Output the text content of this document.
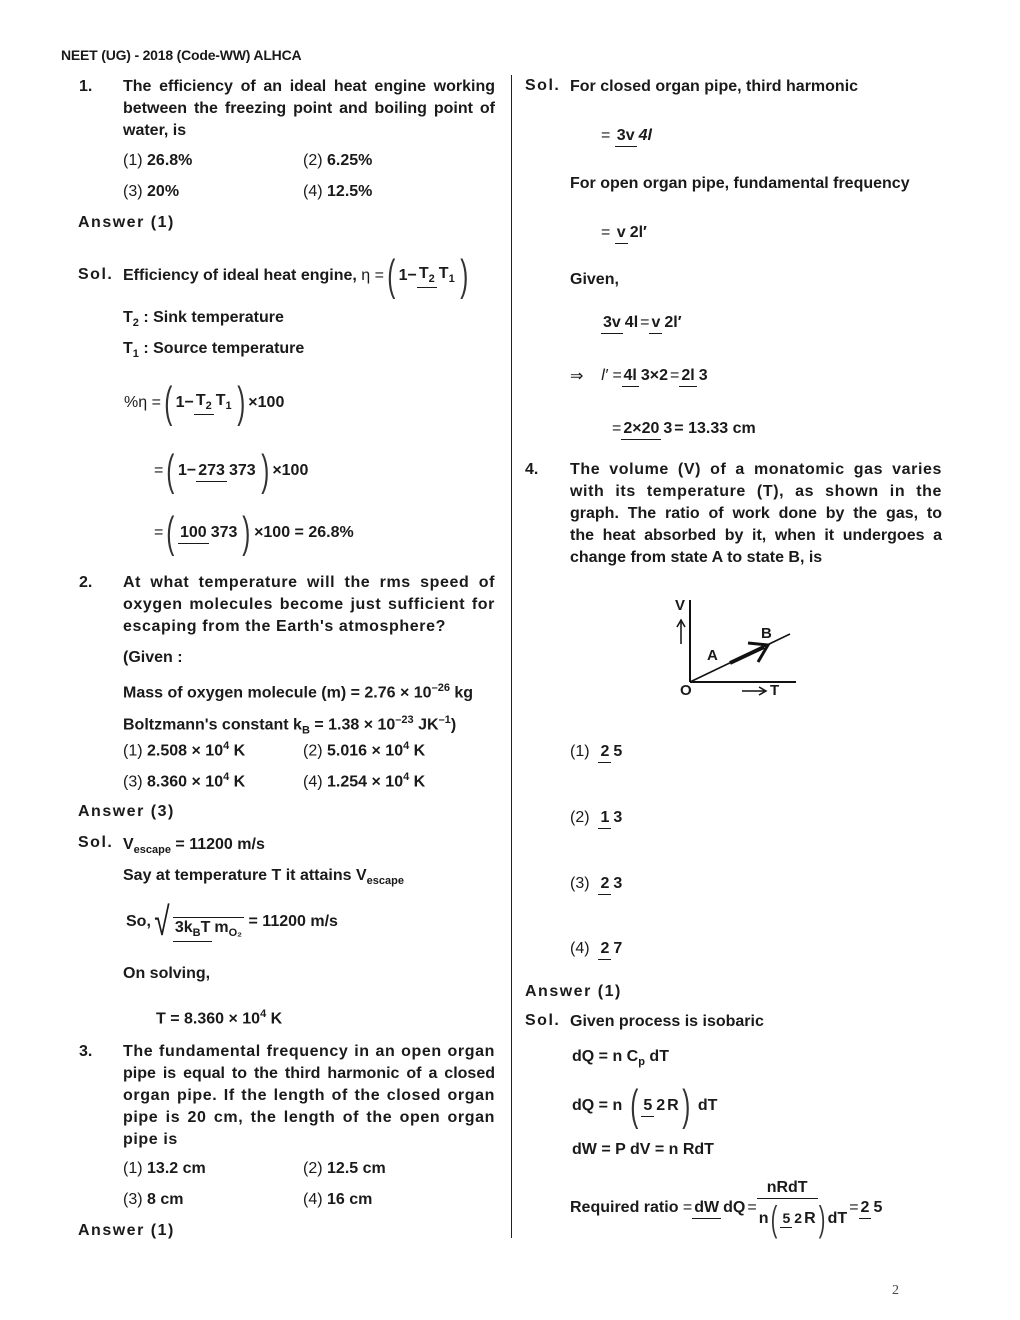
NEET (UG) - 2018 (Code-WW) ALHCA
1. The efficiency of an ideal heat engine working
between the freezing point and boiling point of
water, is
(1) 26.8%	(2) 6.25%
(3) 20%	(4) 12.5%
Answer (1)
Sol. Efficiency of ideal heat engine,
η = ( $1- T_2$ $T_1$ )
$T_2$ : Sink temperature
$T_1$ : Source temperature
%η = ( $1- T_2$ $T_1$ ) ×100
= ( 1− 273 373 ) ×100
= ( 100 373 ) ×100 = 26.8%
2. At what temperature will the rms speed of
oxygen molecules become just sufficient for
escaping from the Earth's atmosphere?
(Given :
Mass of oxygen molecule $(m) = 2.76 \times 10^{-26}$ kg
Boltzmann's constant $k_B = 1.38 \times 10^{-23}$ $JK^{-1}$)
(1) $2.508 \times 10^4$ K	(2) $5.016 \times 10^4$ K
(3) $8.360 \times 10^4$ K	(4) $1.254 \times 10^4$ K
Answer (3)
Sol. $V_{escape} = 11200$ m/s
Say at temperature T it attains $V_{escape}$
So, √ $3k_BT$ $m_{O_2}$

= 11200 m/s
On solving,
$T = 8.360 \times 10^4$ K
3. The fundamental frequency in an open organ
pipe is equal to the third harmonic of a closed
organ pipe. If the length of the closed organ
pipe is 20 cm, the length of the open organ
pipe is
(1) 13.2 cm	(2) 12.5 cm
(3) 8 cm	(4) 16 cm
Answer (1)
Sol. For closed organ pipe, third harmonic
=
3v 4l
For open organ pipe, fundamental frequency
=
v 2l′
Given,
3v 4l = v 2l′
⇒
l′ = 4l 3×2 = 2l 3
= 2×20 3 = 13.33 cm
4. The volume (V) of a monatomic gas varies
with its temperature (T), as shown in the
graph. The ratio of work done by the gas, to
the heat absorbed by it, when it undergoes a
change from state A to state B, is
V
O	T
A
B
(1)
2 5
(2)
1 3
(3)
2 3
(4)
2 7
Answer (1)
Sol. Given process is isobaric
dQ = n $C_p$ dT
dQ = n
( 5 2 R )
dT
dW = P dV = n RdT
Required ratio
= dW dQ = $\frac{\text{nRdT}}{n ( 5 2 R ) dT} = 2$ 5
2
